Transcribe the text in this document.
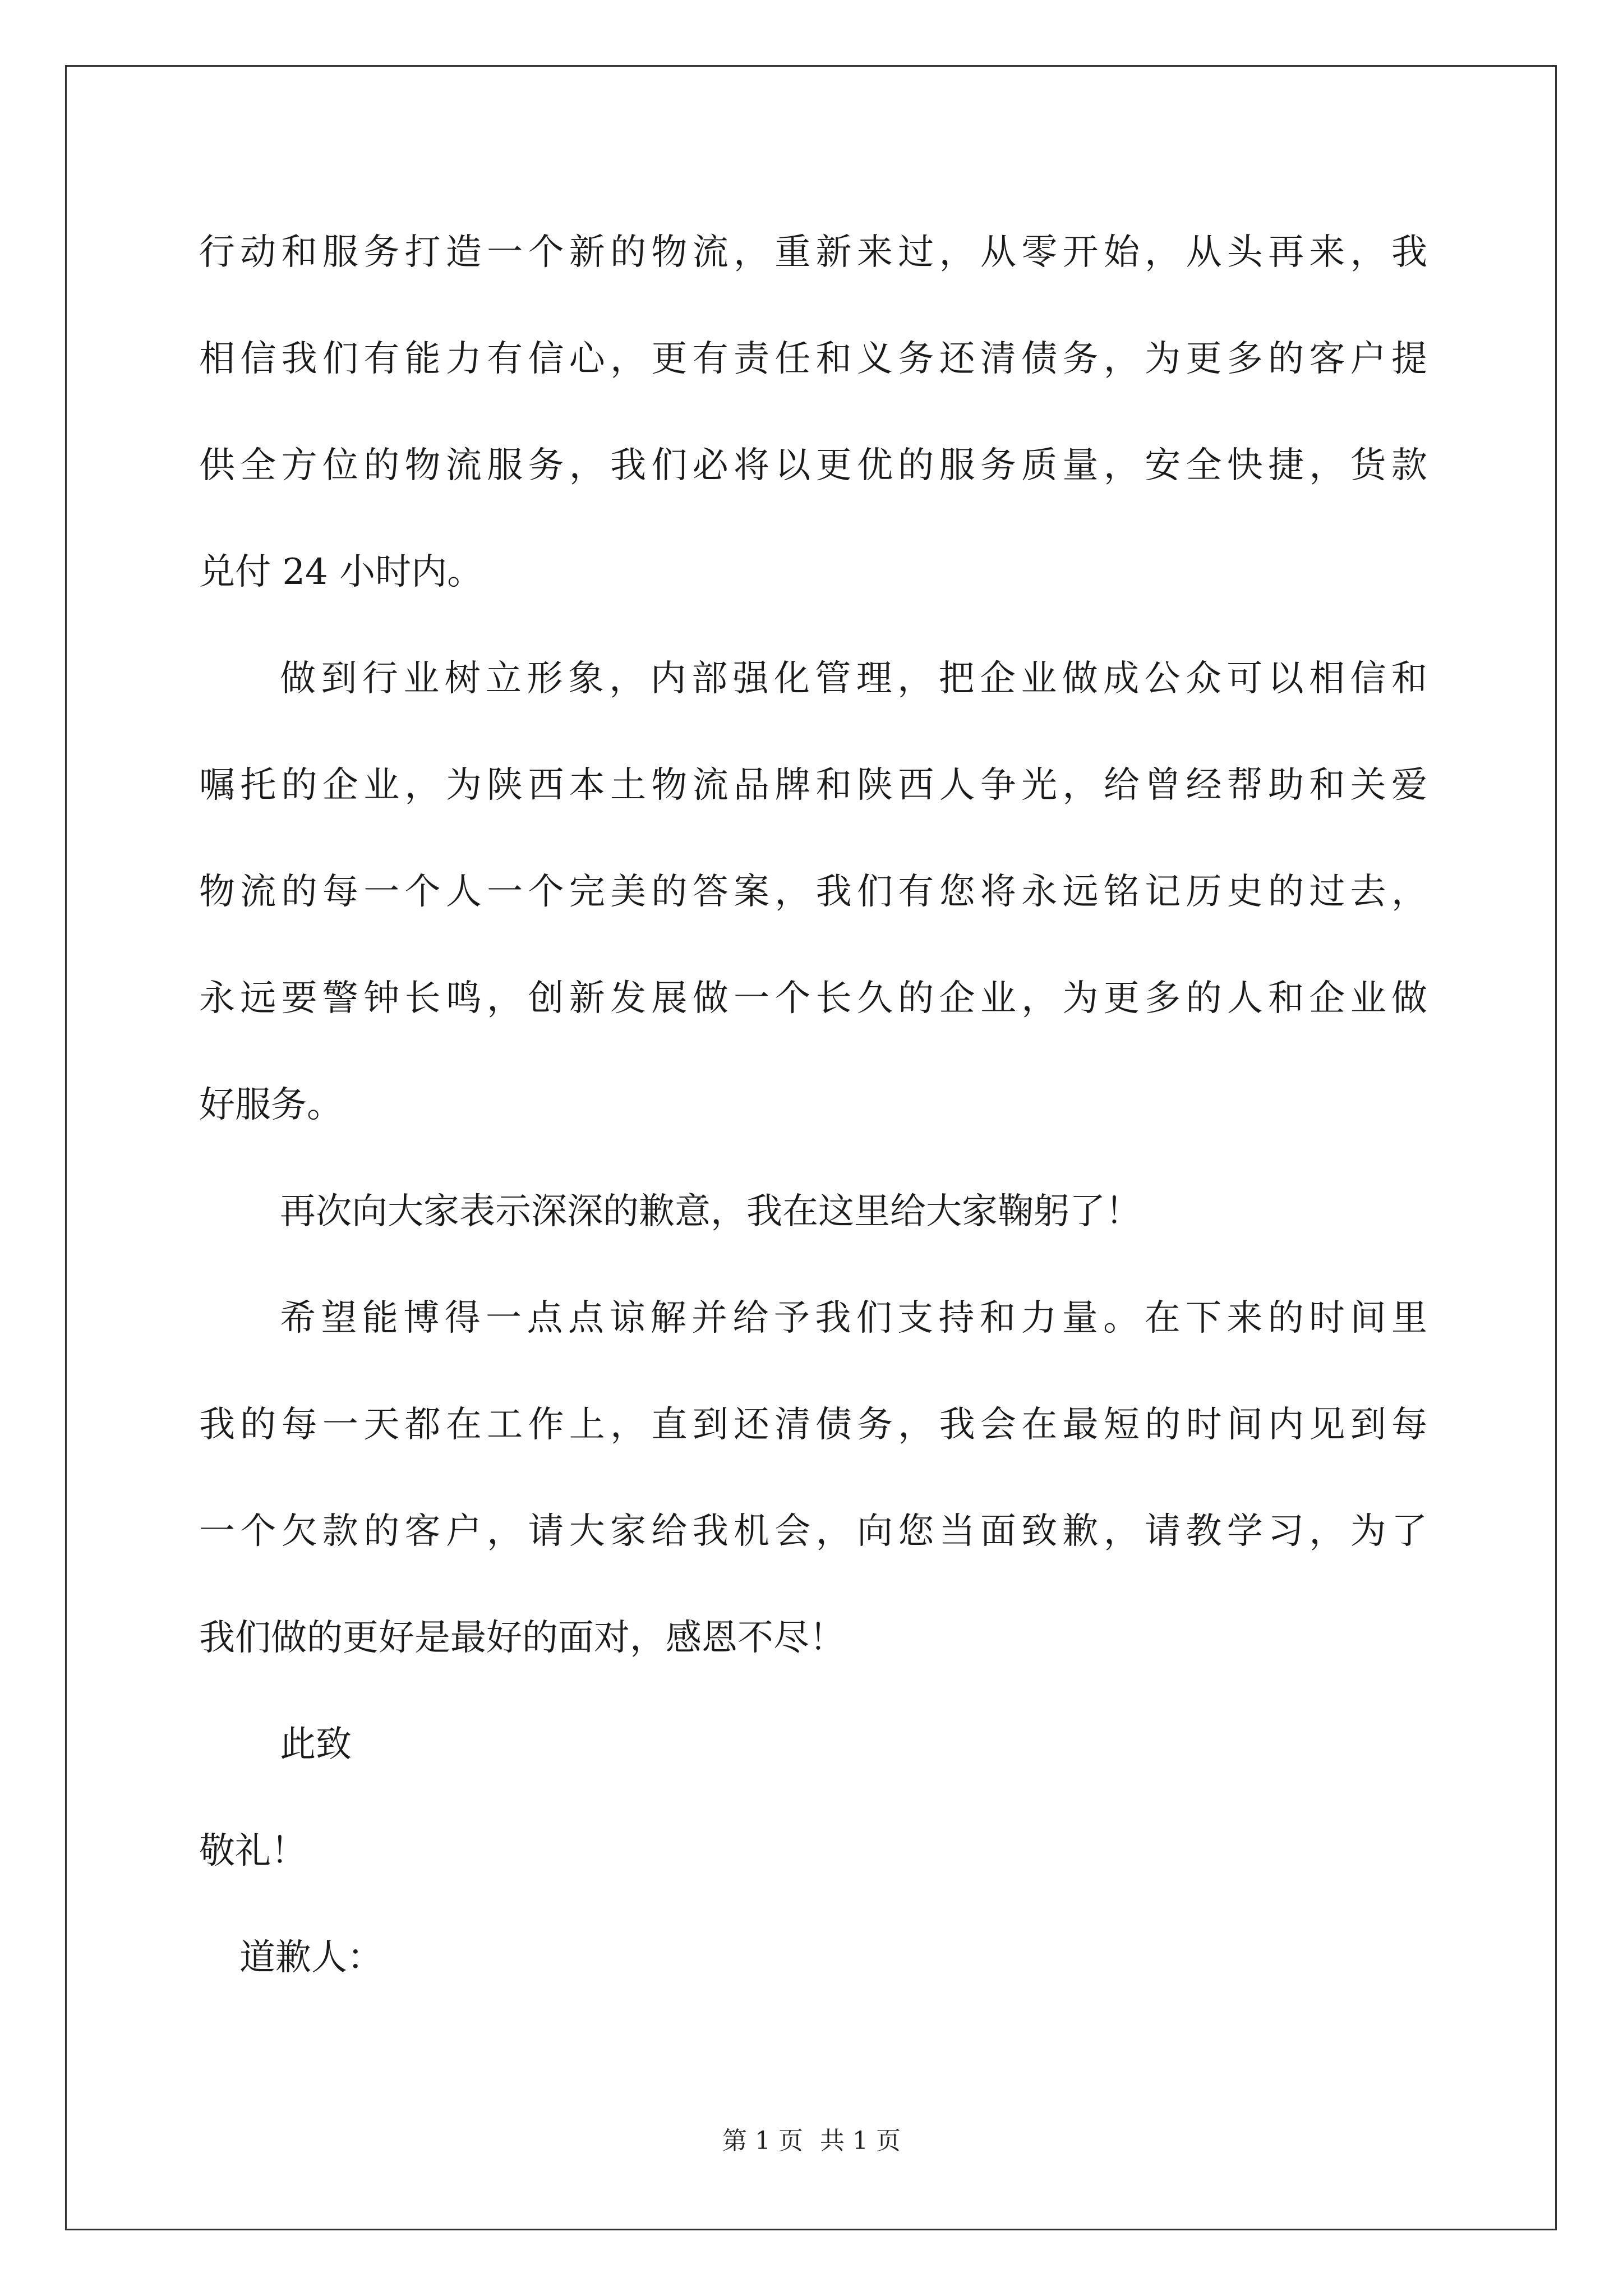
行动和服务打造一个新的物流，重新来过，从零开始，从头再来，我
相信我们有能力有信心，更有责任和义务还清债务，为更多的客户提
供全方位的物流服务，我们必将以更优的服务质量，安全快捷，货款
兑付 24 小时内。
做到行业树立形象，内部强化管理，把企业做成公众可以相信和
嘱托的企业，为陕西本土物流品牌和陕西人争光，给曾经帮助和关爱
物流的每一个人一个完美的答案，我们有您将永远铭记历史的过去，
永远要警钟长鸣，创新发展做一个长久的企业，为更多的人和企业做
好服务。
再次向大家表示深深的歉意，我在这里给大家鞠躬了！
希望能博得一点点谅解并给予我们支持和力量。在下来的时间里
我的每一天都在工作上，直到还清债务，我会在最短的时间内见到每
一个欠款的客户，请大家给我机会，向您当面致歉，请教学习，为了
我们做的更好是最好的面对，感恩不尽！
此致
敬礼！
道歉人：
第 1 页 共 1 页
